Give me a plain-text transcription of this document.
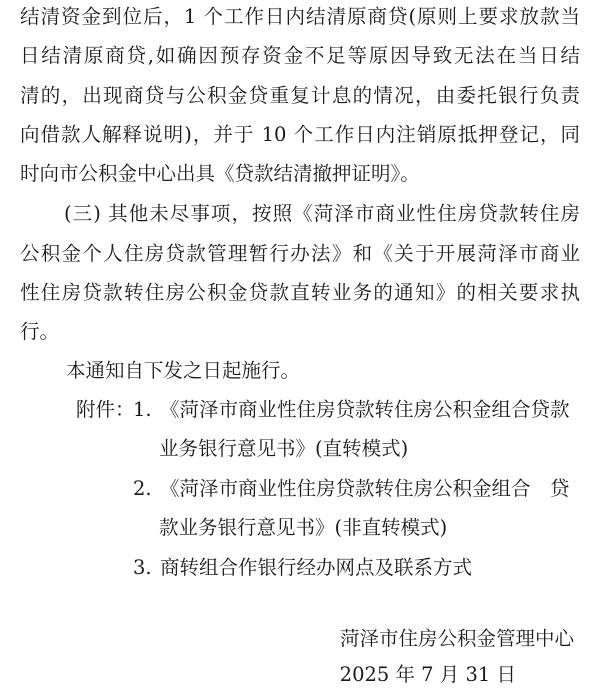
结清资金到位后，1 个工作日内结清原商贷(原则上要求放款当
日结清原商贷,如确因预存资金不足等原因导致无法在当日结
清的，出现商贷与公积金贷重复计息的情况，由委托银行负责
向借款人解释说明)，并于 10 个工作日内注销原抵押登记，同
时向市公积金中心出具《贷款结清撤押证明》。
(三) 其他未尽事项，按照《菏泽市商业性住房贷款转住房
公积金个人住房贷款管理暂行办法》和《关于开展菏泽市商业
性住房贷款转住房公积金贷款直转业务的通知》的相关要求执
行。
本通知自下发之日起施行。
附件：
1. 《菏泽市商业性住房贷款转住房公积金组合贷款
业务银行意见书》(直转模式)
2. 《菏泽市商业性住房贷款转住房公积金组合　贷
款业务银行意见书》(非直转模式)
3. 商转组合作银行经办网点及联系方式
菏泽市住房公积金管理中心
2025 年 7 月 31 日
